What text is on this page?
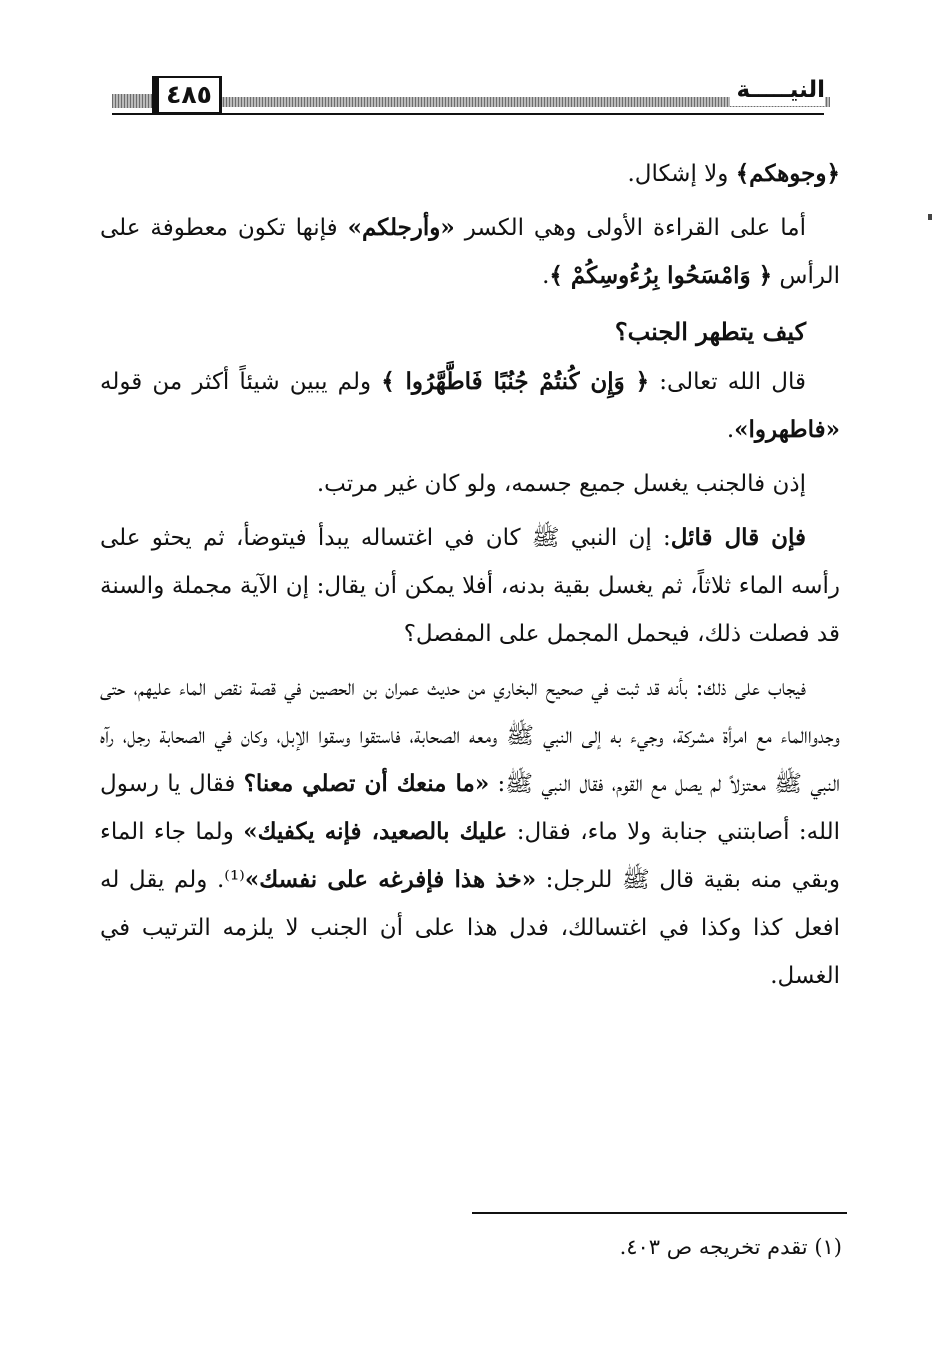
٤٨٥	النيـــــة

﴿وجوهكم﴾ ولا إشكال.

أما على القراءة الأولى وهي الكسر «وأرجلكم» فإنها تكون معطوفة على الرأس ﴿ وَامْسَحُوا بِرُءُوسِكُمْ ﴾.

كيف يتطهر الجنب؟

قال الله تعالى: ﴿ وَإِن كُنتُمْ جُنُبًا فَاطَّهَّرُوا ﴾ ولم يبين شيئاً أكثر من قوله «فاطهروا».

إذن فالجنب يغسل جميع جسمه، ولو كان غير مرتب.

فإن قال قائل: إن النبي ﷺ كان في اغتساله يبدأ فيتوضأ، ثم يحثو على رأسه الماء ثلاثاً، ثم يغسل بقية بدنه، أفلا يمكن أن يقال: إن الآية مجملة والسنة قد فصلت ذلك، فيحمل المجمل على المفصل؟

فيجاب على ذلك: بأنه قد ثبت في صحيح البخاري من حديث عمران بن الحصين في قصة نقص الماء عليهم، حتى وجدواالماء مع امرأة مشركة، وجيء به إلى النبي ﷺ ومعه الصحابة، فاستقوا وسقوا الإبل، وكان في الصحابة رجل، رآه النبي ﷺ معتزلاً لم يصل مع القوم، فقال النبي ﷺ: «ما منعك أن تصلي معنا؟ فقال يا رسول الله: أصابتني جنابة ولا ماء، فقال: عليك بالصعيد، فإنه يكفيك» ولما جاء الماء وبقي منه بقية قال ﷺ للرجل: «خذ هذا فإفرغه على نفسك»⁽¹⁾. ولم يقل له افعل كذا وكذا في اغتسالك، فدل هذا على أن الجنب لا يلزمه الترتيب في الغسل.

(١) تقدم تخريجه ص ٤٠٣.
